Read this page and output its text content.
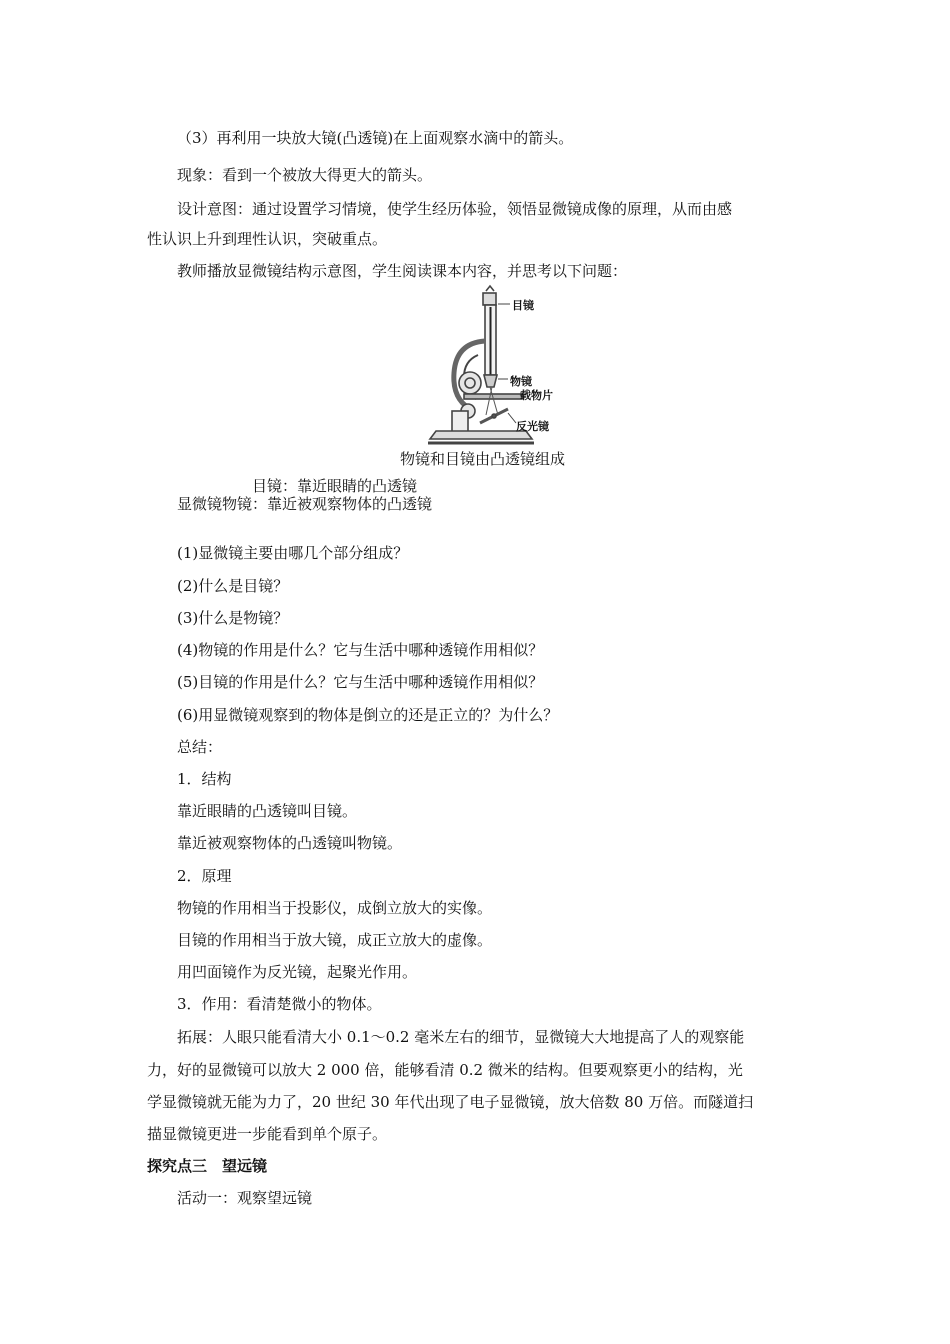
（3）再利用一块放大镜(凸透镜)在上面观察水滴中的箭头。
现象：看到一个被放大得更大的箭头。
设计意图：通过设置学习情境，使学生经历体验，领悟显微镜成像的原理，从而由感
性认识上升到理性认识，突破重点。
教师播放显微镜结构示意图，学生阅读课本内容，并思考以下问题：
目镜
物镜
载物片
反光镜
物镜和目镜由凸透镜组成
目镜：靠近眼睛的凸透镜
显微镜物镜：靠近被观察物体的凸透镜
(1)显微镜主要由哪几个部分组成？
(2)什么是目镜？
(3)什么是物镜？
(4)物镜的作用是什么？它与生活中哪种透镜作用相似？
(5)目镜的作用是什么？它与生活中哪种透镜作用相似？
(6)用显微镜观察到的物体是倒立的还是正立的？为什么？
总结：
1．结构
靠近眼睛的凸透镜叫目镜。
靠近被观察物体的凸透镜叫物镜。
2．原理
物镜的作用相当于投影仪，成倒立放大的实像。
目镜的作用相当于放大镜，成正立放大的虚像。
用凹面镜作为反光镜，起聚光作用。
3．作用：看清楚微小的物体。
拓展：人眼只能看清大小 0.1～0.2 毫米左右的细节，显微镜大大地提高了人的观察能
力，好的显微镜可以放大 2 000 倍，能够看清 0.2 微米的结构。但要观察更小的结构，光
学显微镜就无能为力了，20 世纪 30 年代出现了电子显微镜，放大倍数 80 万倍。而隧道扫
描显微镜更进一步能看到单个原子。
探究点三　望远镜
活动一：观察望远镜
